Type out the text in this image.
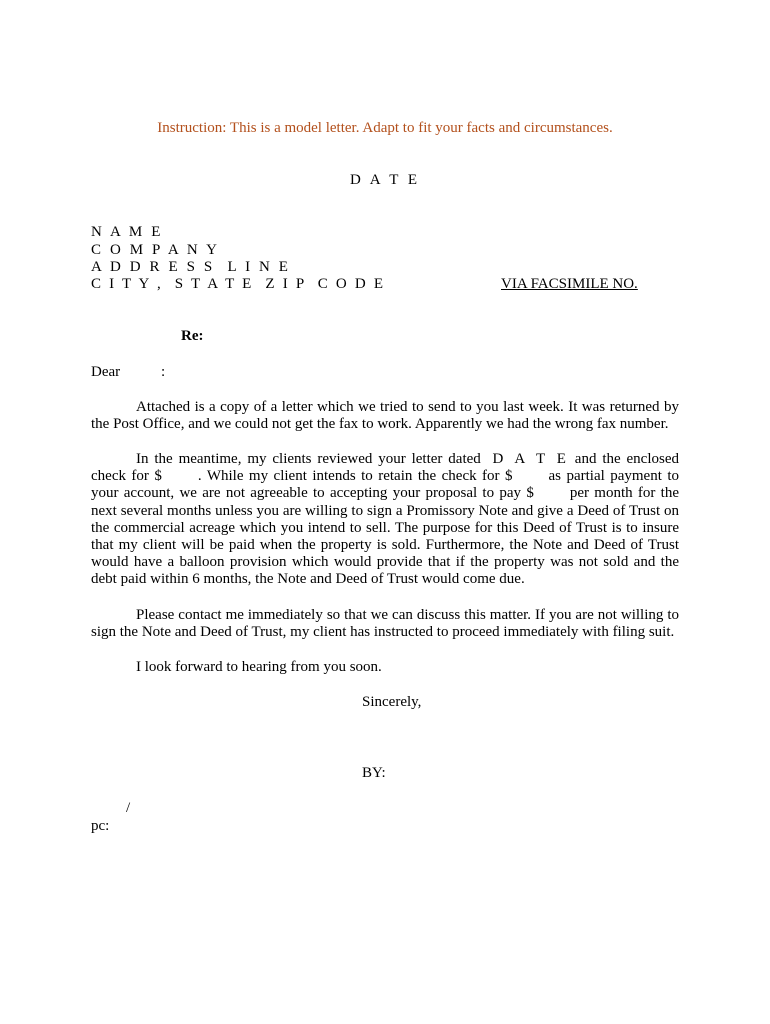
Instruction: This is a model letter. Adapt to fit your facts and circumstances.
D A T E
N A M E
C O M P A N Y
A D D R E S S  L I N E
C I T Y ,  S T A T E  Z I P  C O D E	VIA FACSIMILE NO.
Re:
Dear	:

Attached is a copy of a letter which we tried to send to you last week. It was returned by the Post Office, and we could not get the fax to work. Apparently we had the wrong fax number.

In the meantime, my clients reviewed your letter dated D A T E and the enclosed check for $ . While my client intends to retain the check for $ as partial payment to your account, we are not agreeable to accepting your proposal to pay $ per month for the next several months unless you are willing to sign a Promissory Note and give a Deed of Trust on the commercial acreage which you intend to sell. The purpose for this Deed of Trust is to insure that my client will be paid when the property is sold. Furthermore, the Note and Deed of Trust would have a balloon provision which would provide that if the property was not sold and the debt paid within 6 months, the Note and Deed of Trust would come due.

Please contact me immediately so that we can discuss this matter. If you are not willing to sign the Note and Deed of Trust, my client has instructed to proceed immediately with filing suit.

I look forward to hearing from you soon.

Sincerely,
BY:
/
pc:
